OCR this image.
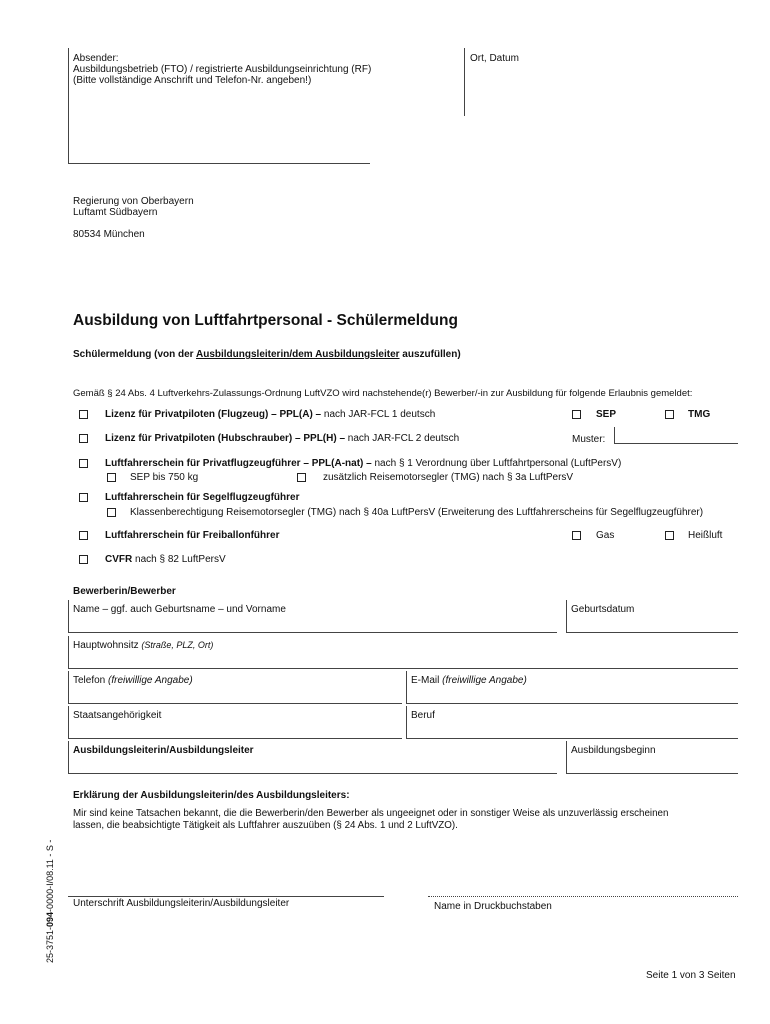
Absender:
Ausbildungsbetrieb (FTO) / registrierte Ausbildungseinrichtung (RF)
(Bitte vollständige Anschrift und Telefon-Nr. angeben!)
Ort, Datum
Regierung von Oberbayern
Luftamt Südbayern
80534 München
Ausbildung von Luftfahrtpersonal - Schülermeldung
Schülermeldung (von der Ausbildungsleiterin/dem Ausbildungsleiter auszufüllen)
Gemäß § 24 Abs. 4 Luftverkehrs-Zulassungs-Ordnung LuftVZO wird nachstehende(r) Bewerber/-in zur Ausbildung für folgende Erlaubnis gemeldet:
Lizenz für Privatpiloten (Flugzeug) – PPL(A) – nach JAR-FCL 1 deutsch	SEP	TMG
Lizenz für Privatpiloten (Hubschrauber) – PPL(H) – nach JAR-FCL 2 deutsch	Muster:
Luftfahrerschein für Privatflugzeugführer – PPL(A-nat) – nach § 1 Verordnung über Luftfahrtpersonal (LuftPersV)
SEP bis 750 kg	zusätzlich Reisemotorsegler (TMG) nach § 3a LuftPersV
Luftfahrerschein für Segelflugzeugführer
Klassenberechtigung Reisemotorsegler (TMG) nach § 40a LuftPersV (Erweiterung des Luftfahrerscheins für Segelflugzeugführer)
Luftfahrerschein für Freiballonführer	Gas	Heißluft
CVFR nach § 82 LuftPersV
Bewerberin/Bewerber
Name – ggf. auch Geburtsname – und Vorname	Geburtsdatum
Hauptwohnsitz (Straße, PLZ, Ort)
Telefon (freiwillige Angabe)	E-Mail (freiwillige Angabe)
Staatsangehörigkeit	Beruf
Ausbildungsleiterin/Ausbildungsleiter	Ausbildungsbeginn
Erklärung der Ausbildungsleiterin/des Ausbildungsleiters:
Mir sind keine Tatsachen bekannt, die die Bewerberin/den Bewerber als ungeeignet oder in sonstiger Weise als unzuverlässig erscheinen
lassen, die beabsichtigte Tätigkeit als Luftfahrer auszuüben (§ 24 Abs. 1 und 2 LuftVZO).
Unterschrift Ausbildungsleiterin/Ausbildungsleiter	Name in Druckbuchstaben
25-3751-094-0000-I/08.11 - S -
Seite 1 von 3 Seiten
